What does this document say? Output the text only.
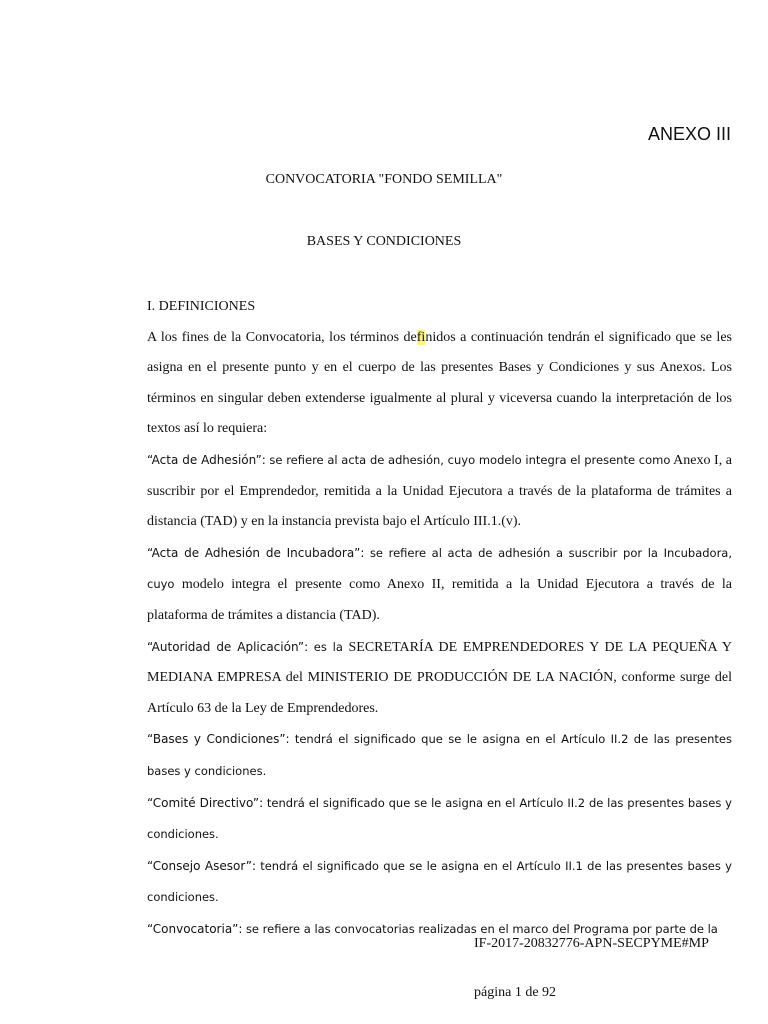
ANEXO III
CONVOCATORIA "FONDO SEMILLA"
BASES Y CONDICIONES
I. DEFINICIONES

A los fines de la Convocatoria, los términos definidos a continuación tendrán el significado que se les asigna en el presente punto y en el cuerpo de las presentes Bases y Condiciones y sus Anexos. Los términos en singular deben extenderse igualmente al plural y viceversa cuando la interpretación de los textos así lo requiera:

“Acta de Adhesión”: se refiere al acta de adhesión, cuyo modelo integra el presente como Anexo I, a suscribir por el Emprendedor, remitida a la Unidad Ejecutora a través de la plataforma de trámites a distancia (TAD) y en la instancia prevista bajo el Artículo III.1.(v).

“Acta de Adhesión de Incubadora”: se refiere al acta de adhesión a suscribir por la Incubadora, cuyo modelo integra el presente como Anexo II, remitida a la Unidad Ejecutora a través de la plataforma de trámites a distancia (TAD).

“Autoridad de Aplicación”: es la SECRETARÍA DE EMPRENDEDORES Y DE LA PEQUEÑA Y MEDIANA EMPRESA del MINISTERIO DE PRODUCCIÓN DE LA NACIÓN, conforme surge del Artículo 63 de la Ley de Emprendedores.

“Bases y Condiciones”: tendrá el significado que se le asigna en el Artículo II.2 de las presentes bases y condiciones.

“Comité Directivo”: tendrá el significado que se le asigna en el Artículo II.2 de las presentes bases y condiciones.

“Consejo Asesor”: tendrá el significado que se le asigna en el Artículo II.1 de las presentes bases y condiciones.

“Convocatoria”: se refiere a las convocatorias realizadas en el marco del Programa por parte de la

IF-2017-20832776-APN-SECPYME#MP

página 1 de 92
